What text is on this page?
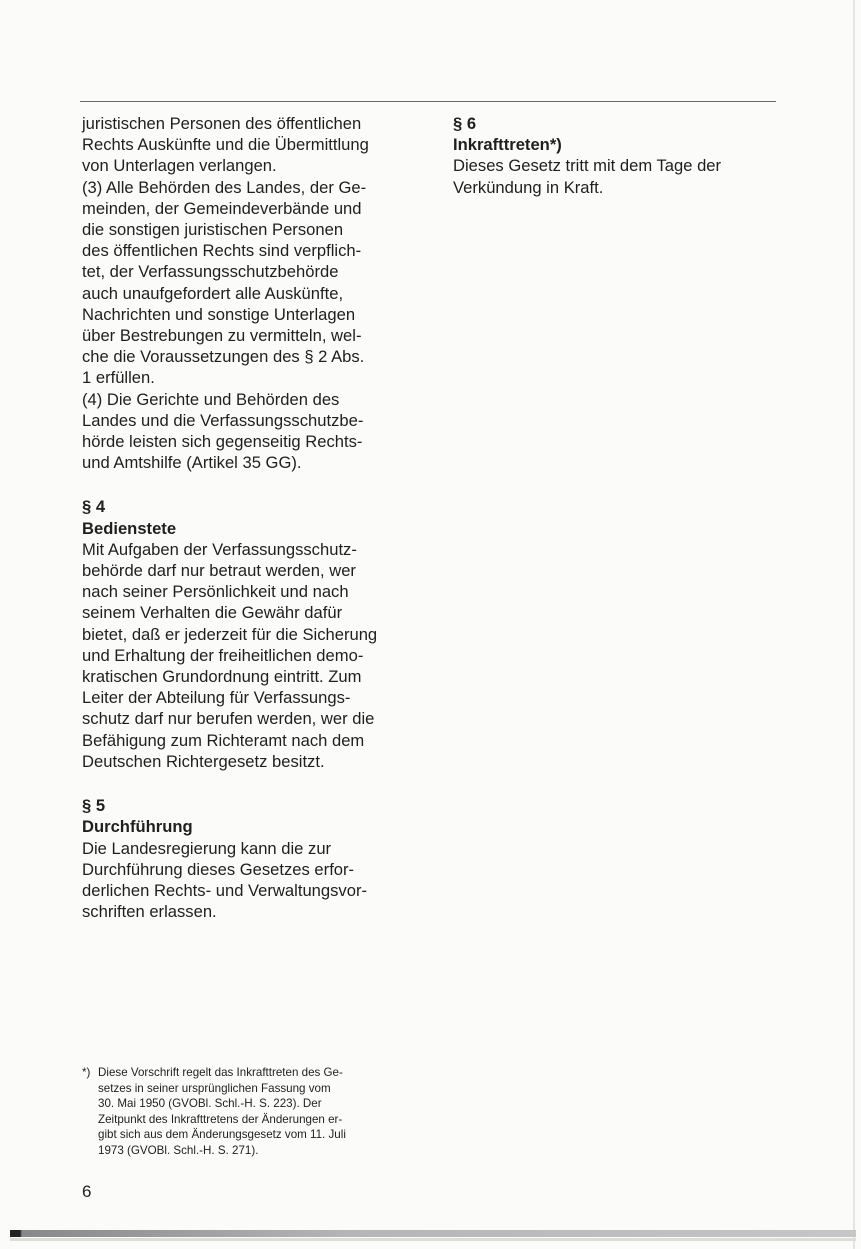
juristischen Personen des öffentlichen

Rechts Auskünfte und die Übermittlung

von Unterlagen verlangen.

(3) Alle Behörden des Landes, der Ge-

meinden, der Gemeindeverbände und

die sonstigen juristischen Personen

des öffentlichen Rechts sind verpflich-

tet, der Verfassungsschutzbehörde

auch unaufgefordert alle Auskünfte,

Nachrichten und sonstige Unterlagen

über Bestrebungen zu vermitteln, wel-

che die Voraussetzungen des § 2 Abs.

1 erfüllen.

(4) Die Gerichte und Behörden des

Landes und die Verfassungsschutzbe-

hörde leisten sich gegenseitig Rechts-

und Amtshilfe (Artikel 35 GG).

§ 4

Bedienstete

Mit Aufgaben der Verfassungsschutz-

behörde darf nur betraut werden, wer

nach seiner Persönlichkeit und nach

seinem Verhalten die Gewähr dafür

bietet, daß er jederzeit für die Sicherung

und Erhaltung der freiheitlichen demo-

kratischen Grundordnung eintritt. Zum

Leiter der Abteilung für Verfassungs-

schutz darf nur berufen werden, wer die

Befähigung zum Richteramt nach dem

Deutschen Richtergesetz besitzt.

§ 5

Durchführung

Die Landesregierung kann die zur

Durchführung dieses Gesetzes erfor-

derlichen Rechts- und Verwaltungsvor-

schriften erlassen.

§ 6

Inkrafttreten*)

Dieses Gesetz tritt mit dem Tage der

Verkündung in Kraft.

*) Diese Vorschrift regelt das Inkrafttreten des Ge-
setzes in seiner ursprünglichen Fassung vom
30. Mai 1950 (GVOBl. Schl.-H. S. 223). Der
Zeitpunkt des Inkrafttretens der Änderungen er-
gibt sich aus dem Änderungsgesetz vom 11. Juli
1973 (GVOBl. Schl.-H. S. 271).
6
